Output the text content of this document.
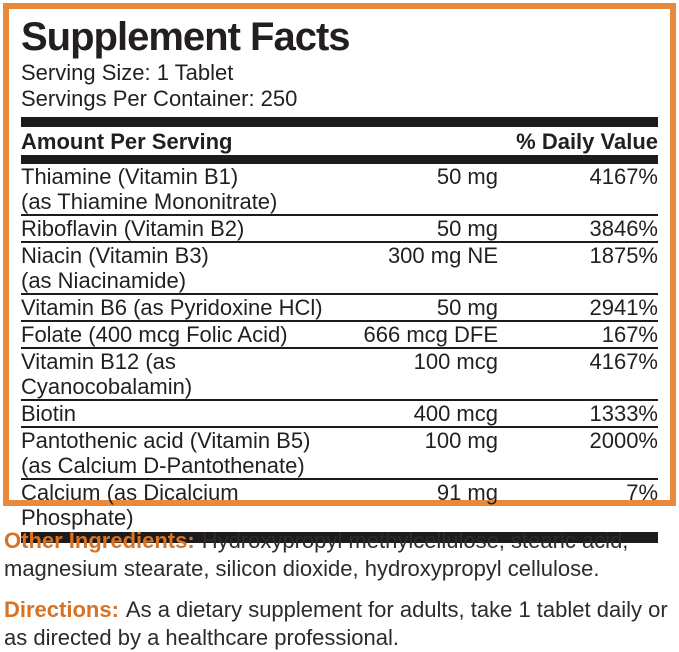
Supplement Facts
Serving Size: 1 Tablet
Servings Per Container: 250
Amount Per Serving	% Daily Value
Thiamine (Vitamin B1)
(as Thiamine Mononitrate)
50 mg	4167%
Riboflavin (Vitamin B2)	50 mg	3846%
Niacin (Vitamin B3)
(as Niacinamide)
300 mg NE	1875%
Vitamin B6 (as Pyridoxine HCl)	50 mg	2941%
Folate (400 mcg Folic Acid)	666 mcg DFE	167%
Vitamin B12 (as Cyanocobalamin)
100 mcg	4167%
Biotin	400 mcg	1333%
Pantothenic acid (Vitamin B5)
(as Calcium D-Pantothenate)
100 mg	2000%
Calcium (as Dicalcium Phosphate)
91 mg	7%

Other Ingredients: Hydroxypropyl methylcellulose, stearic acid, magnesium stearate, silicon dioxide, hydroxypropyl cellulose.

Directions: As a dietary supplement for adults, take 1 tablet daily or as directed by a healthcare professional.
